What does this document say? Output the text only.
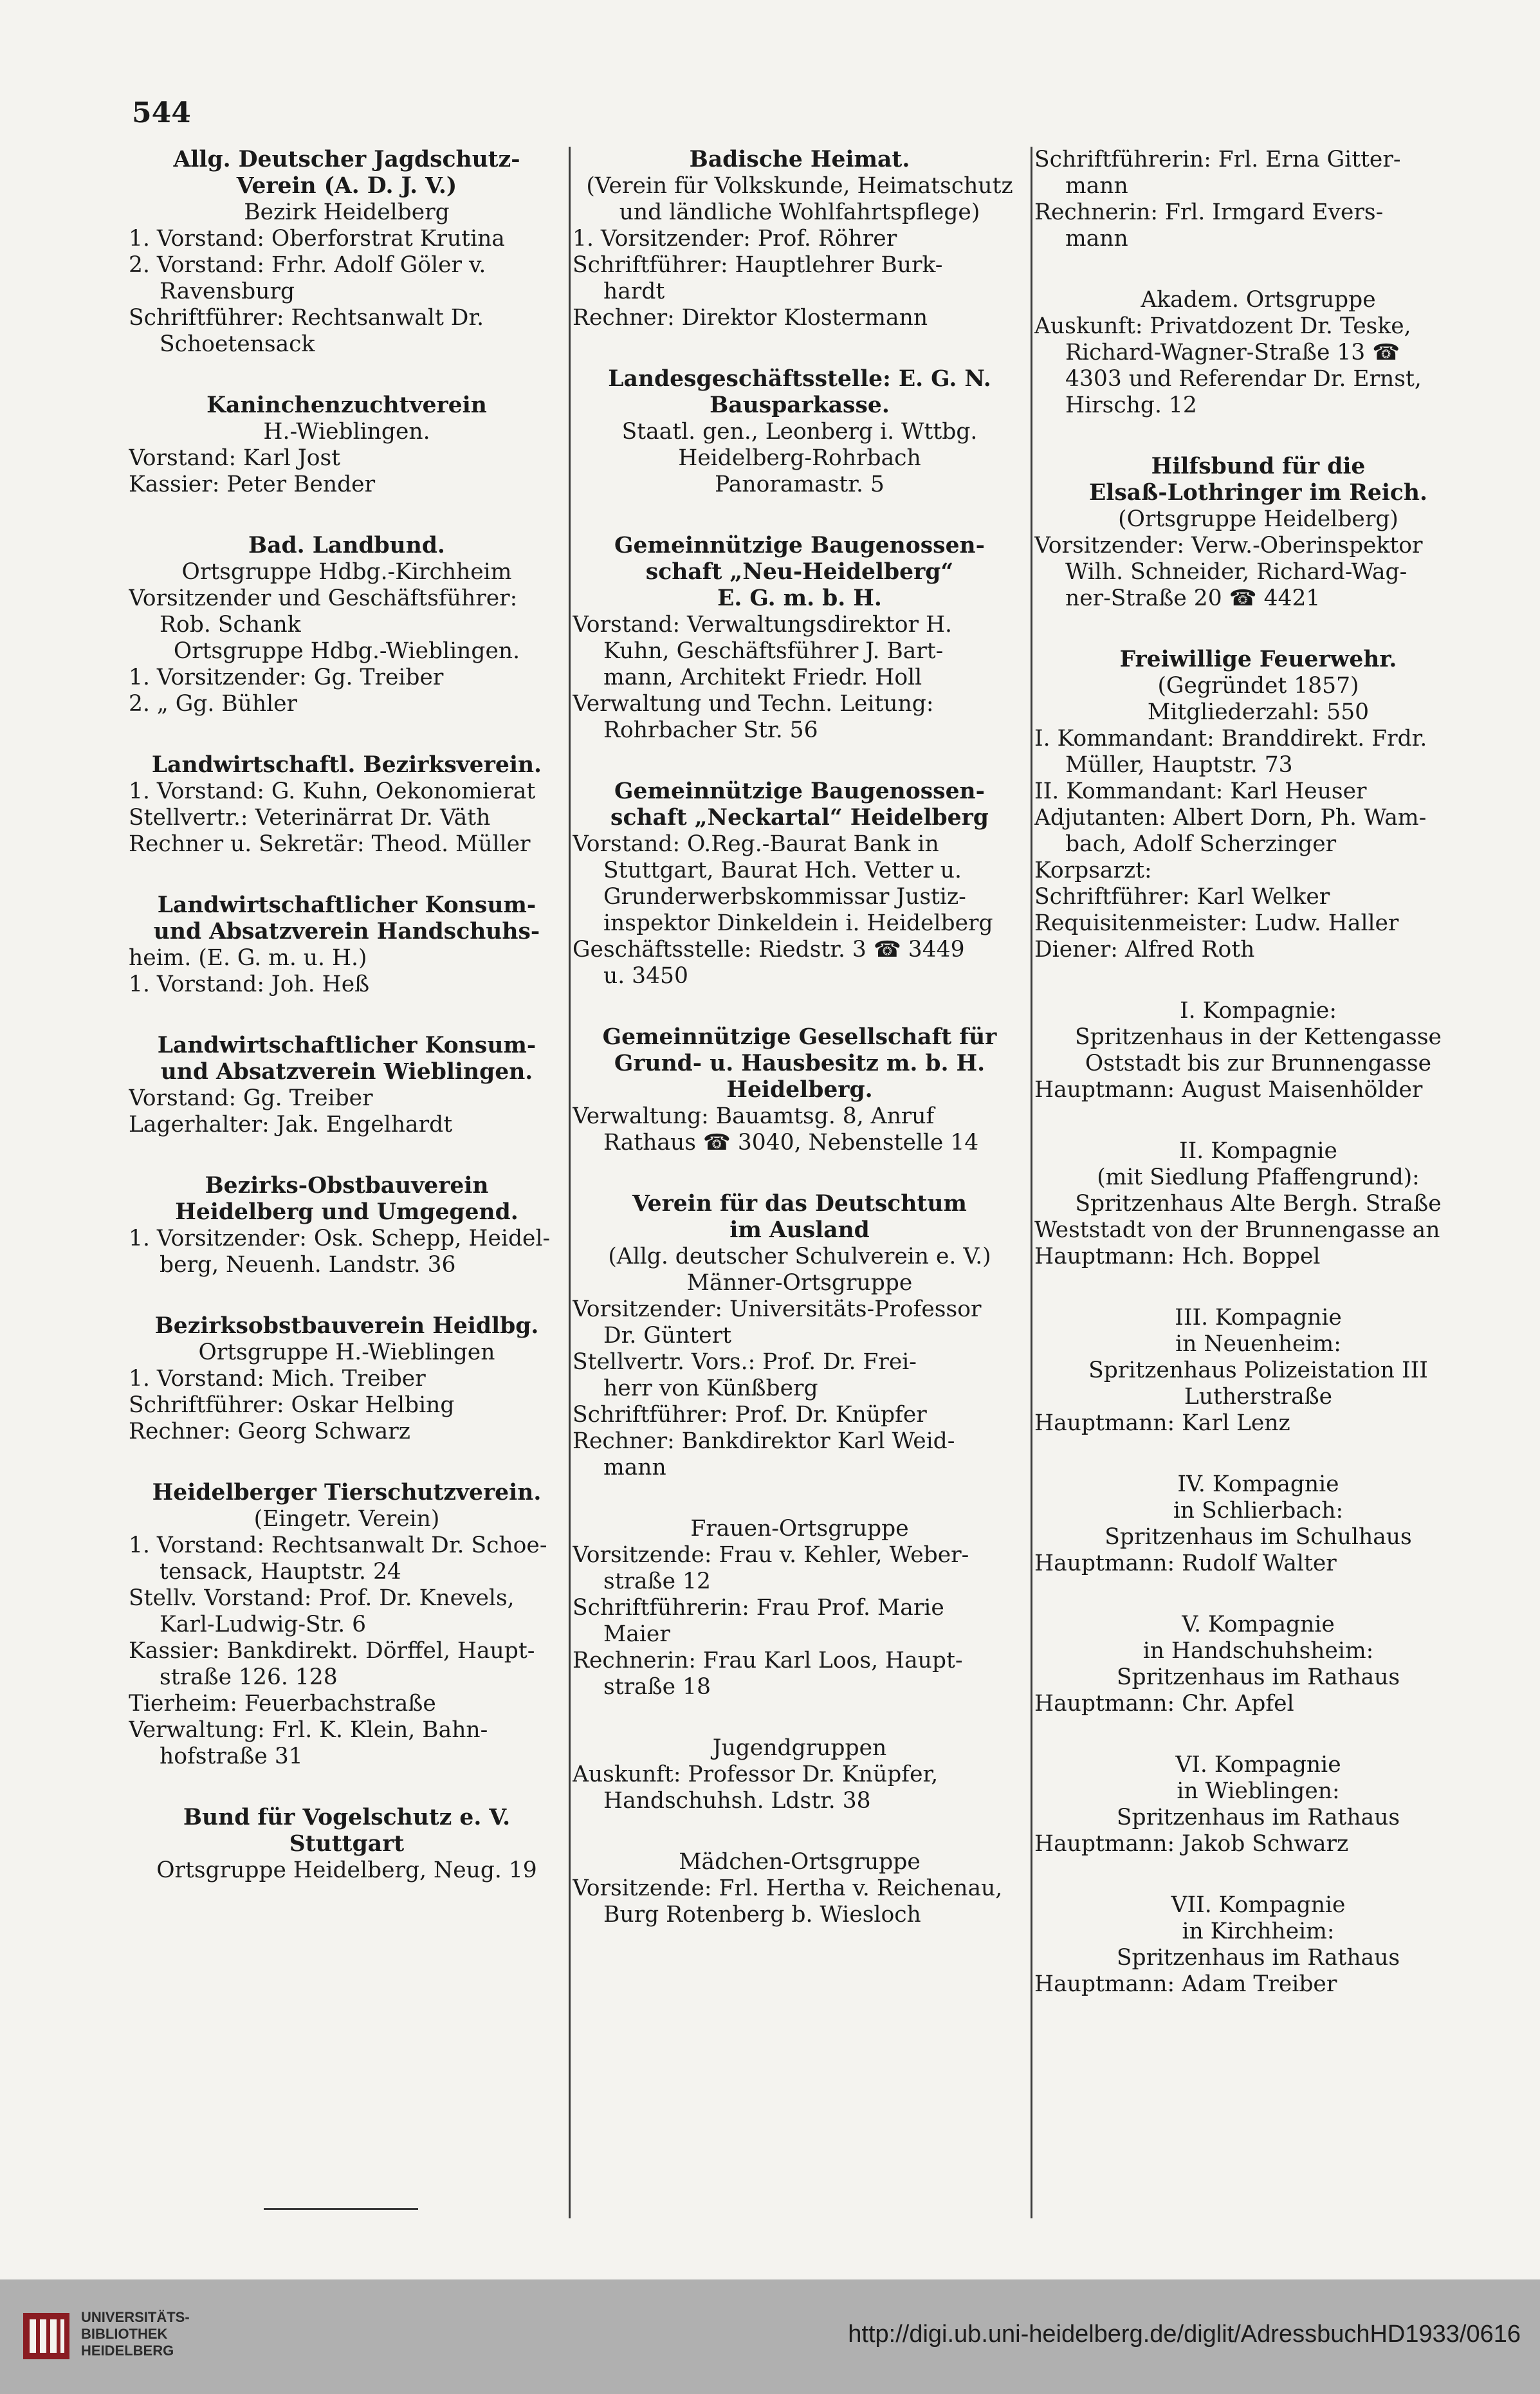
544
Allg. Deutscher Jagdschutz-
Verein (A. D. J. V.)
Bezirk Heidelberg
1. Vorstand: Oberforstrat Krutina
2. Vorstand: Frhr. Adolf Göler v.
Ravensburg
Schriftführer: Rechtsanwalt Dr.
Schoetensack
Kaninchenzuchtverein
H.-Wieblingen.
Vorstand: Karl Jost
Kassier: Peter Bender
Bad. Landbund.
Ortsgruppe Hdbg.-Kirchheim
Vorsitzender und Geschäftsführer:
Rob. Schank
Ortsgruppe Hdbg.-Wieblingen.
1. Vorsitzender: Gg. Treiber
2. „ Gg. Bühler
Landwirtschaftl. Bezirksverein.
1. Vorstand: G. Kuhn, Oekonomierat
Stellvertr.: Veterinärrat Dr. Väth
Rechner u. Sekretär: Theod. Müller
Landwirtschaftlicher Konsum-
und Absatzverein Handschuhs-
heim. (E. G. m. u. H.)
1. Vorstand: Joh. Heß
Landwirtschaftlicher Konsum-
und Absatzverein Wieblingen.
Vorstand: Gg. Treiber
Lagerhalter: Jak. Engelhardt
Bezirks-Obstbauverein
Heidelberg und Umgegend.
1. Vorsitzender: Osk. Schepp, Heidel-
berg, Neuenh. Landstr. 36
Bezirksobstbauverein Heidlbg.
Ortsgruppe H.-Wieblingen
1. Vorstand: Mich. Treiber
Schriftführer: Oskar Helbing
Rechner: Georg Schwarz
Heidelberger Tierschutzverein.
(Eingetr. Verein)
1. Vorstand: Rechtsanwalt Dr. Schoe-
tensack, Hauptstr. 24
Stellv. Vorstand: Prof. Dr. Knevels,
Karl-Ludwig-Str. 6
Kassier: Bankdirekt. Dörffel, Haupt-
straße 126. 128
Tierheim: Feuerbachstraße
Verwaltung: Frl. K. Klein, Bahn-
hofstraße 31
Bund für Vogelschutz e. V.
Stuttgart
Ortsgruppe Heidelberg, Neug. 19
Badische Heimat.
(Verein für Volkskunde, Heimatschutz
und ländliche Wohlfahrtspflege)
1. Vorsitzender: Prof. Röhrer
Schriftführer: Hauptlehrer Burk-
hardt
Rechner: Direktor Klostermann
Landesgeschäftsstelle: E. G. N.
Bausparkasse.
Staatl. gen., Leonberg i. Wttbg.
Heidelberg-Rohrbach
Panoramastr. 5
Gemeinnützige Baugenossen-
schaft „Neu-Heidelberg“
E. G. m. b. H.
Vorstand: Verwaltungsdirektor H.
Kuhn, Geschäftsführer J. Bart-
mann, Architekt Friedr. Holl
Verwaltung und Techn. Leitung:
Rohrbacher Str. 56
Gemeinnützige Baugenossen-
schaft „Neckartal“ Heidelberg
Vorstand: O.Reg.-Baurat Bank in
Stuttgart, Baurat Hch. Vetter u.
Grunderwerbskommissar Justiz-
inspektor Dinkeldein i. Heidelberg
Geschäftsstelle: Riedstr. 3 ☎ 3449
u. 3450
Gemeinnützige Gesellschaft für
Grund- u. Hausbesitz m. b. H.
Heidelberg.
Verwaltung: Bauamtsg. 8, Anruf
Rathaus ☎ 3040, Nebenstelle 14
Verein für das Deutschtum
im Ausland
(Allg. deutscher Schulverein e. V.)
Männer-Ortsgruppe
Vorsitzender: Universitäts-Professor
Dr. Güntert
Stellvertr. Vors.: Prof. Dr. Frei-
herr von Künßberg
Schriftführer: Prof. Dr. Knüpfer
Rechner: Bankdirektor Karl Weid-
mann
Frauen-Ortsgruppe
Vorsitzende: Frau v. Kehler, Weber-
straße 12
Schriftführerin: Frau Prof. Marie
Maier
Rechnerin: Frau Karl Loos, Haupt-
straße 18
Jugendgruppen
Auskunft: Professor Dr. Knüpfer,
Handschuhsh. Ldstr. 38
Mädchen-Ortsgruppe
Vorsitzende: Frl. Hertha v. Reichenau,
Burg Rotenberg b. Wiesloch
Schriftführerin: Frl. Erna Gitter-
mann
Rechnerin: Frl. Irmgard Evers-
mann
Akadem. Ortsgruppe
Auskunft: Privatdozent Dr. Teske,
Richard-Wagner-Straße 13 ☎
4303 und Referendar Dr. Ernst,
Hirschg. 12
Hilfsbund für die
Elsaß-Lothringer im Reich.
(Ortsgruppe Heidelberg)
Vorsitzender: Verw.-Oberinspektor
Wilh. Schneider, Richard-Wag-
ner-Straße 20 ☎ 4421
Freiwillige Feuerwehr.
(Gegründet 1857)
Mitgliederzahl: 550
I. Kommandant: Branddirekt. Frdr.
Müller, Hauptstr. 73
II. Kommandant: Karl Heuser
Adjutanten: Albert Dorn, Ph. Wam-
bach, Adolf Scherzinger
Korpsarzt:
Schriftführer: Karl Welker
Requisitenmeister: Ludw. Haller
Diener: Alfred Roth
I. Kompagnie:
Spritzenhaus in der Kettengasse
Oststadt bis zur Brunnengasse
Hauptmann: August Maisenhölder
II. Kompagnie
(mit Siedlung Pfaffengrund):
Spritzenhaus Alte Bergh. Straße
Weststadt von der Brunnengasse an
Hauptmann: Hch. Boppel
III. Kompagnie
in Neuenheim:
Spritzenhaus Polizeistation III
Lutherstraße
Hauptmann: Karl Lenz
IV. Kompagnie
in Schlierbach:
Spritzenhaus im Schulhaus
Hauptmann: Rudolf Walter
V. Kompagnie
in Handschuhsheim:
Spritzenhaus im Rathaus
Hauptmann: Chr. Apfel
VI. Kompagnie
in Wieblingen:
Spritzenhaus im Rathaus
Hauptmann: Jakob Schwarz
VII. Kompagnie
in Kirchheim:
Spritzenhaus im Rathaus
Hauptmann: Adam Treiber
UNIVERSITÄTS-
BIBLIOTHEK
HEIDELBERG
http://digi.ub.uni-heidelberg.de/diglit/AdressbuchHD1933/0616
